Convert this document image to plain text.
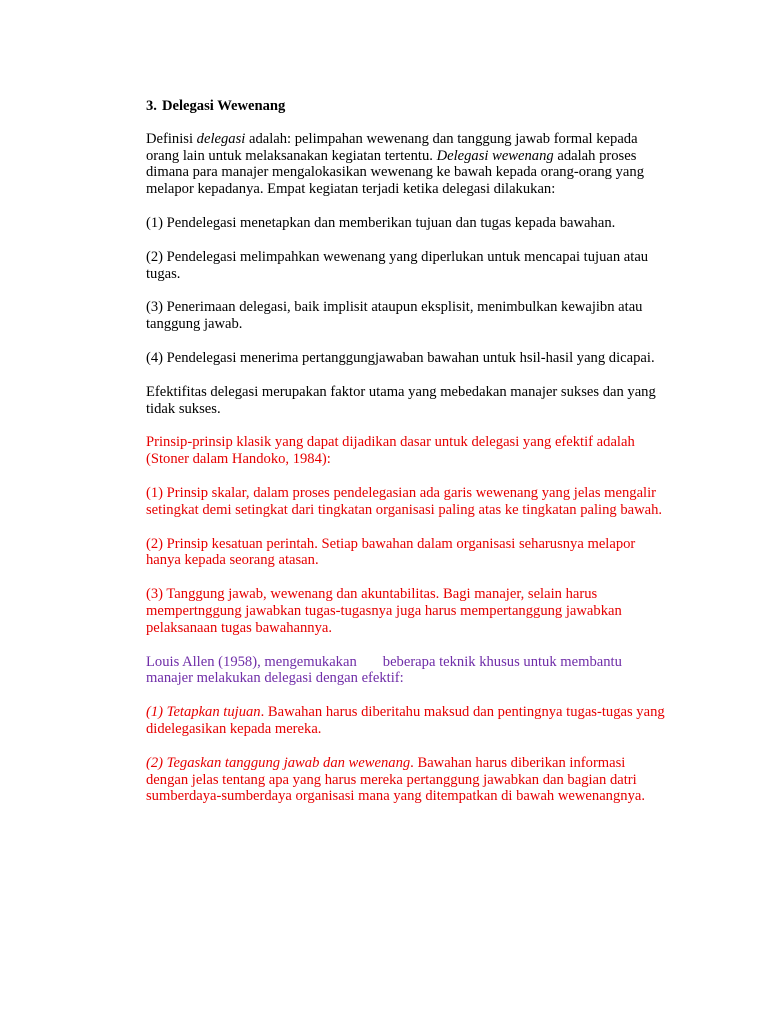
3. Delegasi Wewenang

Definisi delegasi adalah: pelimpahan wewenang dan tanggung jawab formal kepada orang lain untuk melaksanakan kegiatan tertentu. Delegasi wewenang adalah proses dimana para manajer mengalokasikan wewenang ke bawah kepada orang-orang yang melapor kepadanya. Empat kegiatan terjadi ketika delegasi dilakukan:

(1) Pendelegasi menetapkan dan memberikan tujuan dan tugas kepada bawahan.

(2) Pendelegasi melimpahkan wewenang yang diperlukan untuk mencapai tujuan atau tugas.

(3) Penerimaan delegasi, baik implisit ataupun eksplisit, menimbulkan kewajibn atau tanggung jawab.

(4) Pendelegasi menerima pertanggungjawaban bawahan untuk hsil-hasil yang dicapai.

Efektifitas delegasi merupakan faktor utama yang mebedakan manajer sukses dan yang tidak sukses.

Prinsip-prinsip klasik yang dapat dijadikan dasar untuk delegasi yang efektif adalah (Stoner dalam Handoko, 1984):

(1) Prinsip skalar, dalam proses pendelegasian ada garis wewenang yang jelas mengalir setingkat demi setingkat dari tingkatan organisasi paling atas ke tingkatan paling bawah.

(2) Prinsip kesatuan perintah. Setiap bawahan dalam organisasi seharusnya melapor hanya kepada seorang atasan.

(3) Tanggung jawab, wewenang dan akuntabilitas. Bagi manajer, selain harus mempertnggung jawabkan tugas-tugasnya juga harus mempertanggung jawabkan pelaksanaan tugas bawahannya.

Louis Allen (1958), mengemukakan beberapa teknik khusus untuk membantu manajer melakukan delegasi dengan efektif:

(1) Tetapkan tujuan. Bawahan harus diberitahu maksud dan pentingnya tugas-tugas yang didelegasikan kepada mereka.

(2) Tegaskan tanggung jawab dan wewenang. Bawahan harus diberikan informasi dengan jelas tentang apa yang harus mereka pertanggung jawabkan dan bagian datri sumberdaya-sumberdaya organisasi mana yang ditempatkan di bawah wewenangnya.
